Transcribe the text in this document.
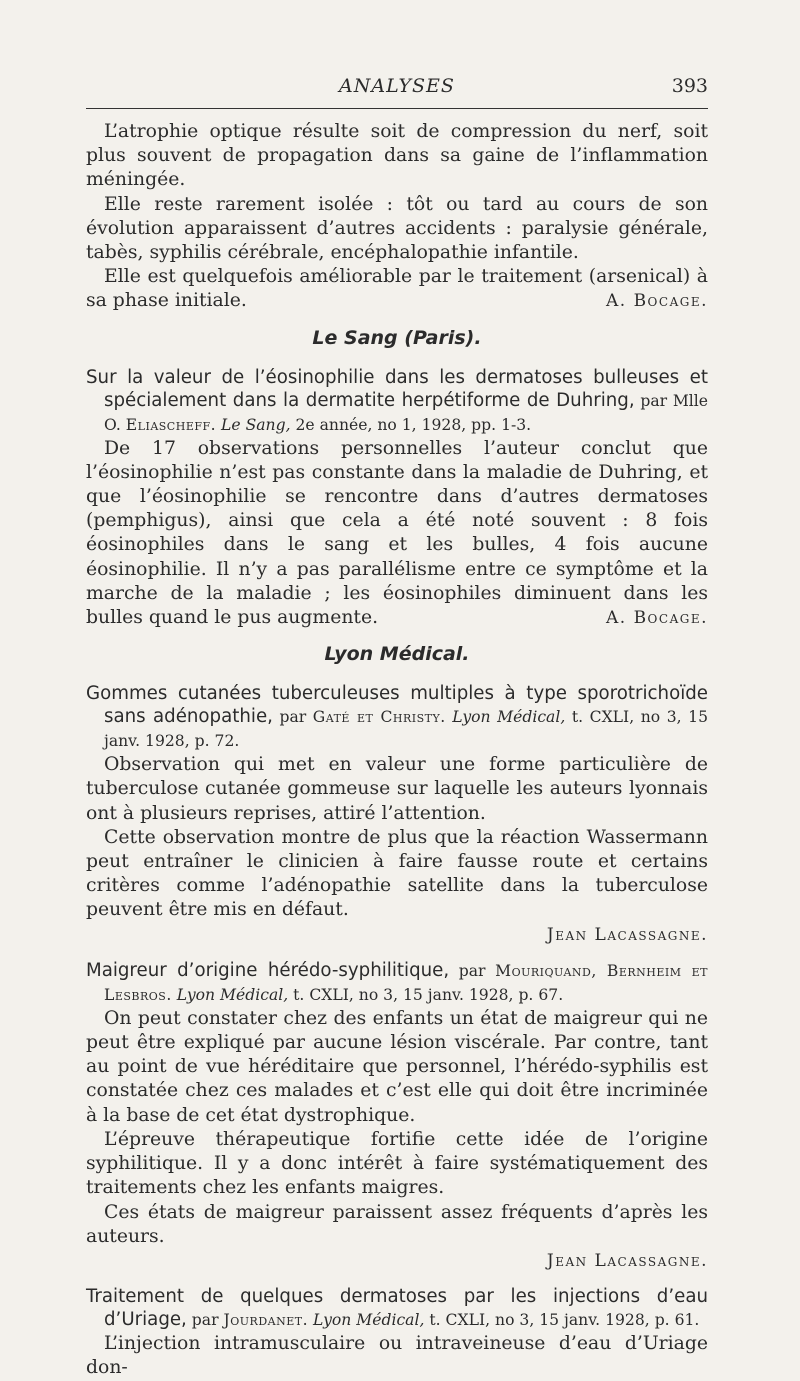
ANALYSES	393

L’atrophie optique résulte soit de compression du nerf, soit plus souvent de propagation dans sa gaine de l’inflammation méningée.

Elle reste rarement isolée : tôt ou tard au cours de son évolution apparaissent d’autres accidents : paralysie générale, tabès, syphilis cérébrale, encéphalopathie infantile.

Elle est quelquefois améliorable par le traitement (arsenical) à sa phase initiale.	A. Bocage.

Le Sang (Paris).

Sur la valeur de l’éosinophilie dans les dermatoses bulleuses et spécialement dans la dermatite herpétiforme de Duhring, par Mlle O. Eliascheff. Le Sang, 2e année, no 1, 1928, pp. 1-3.

De 17 observations personnelles l’auteur conclut que l’éosinophilie n’est pas constante dans la maladie de Duhring, et que l’éosinophilie se rencontre dans d’autres dermatoses (pemphigus), ainsi que cela a été noté souvent : 8 fois éosinophiles dans le sang et les bulles, 4 fois aucune éosinophilie. Il n’y a pas parallélisme entre ce symptôme et la marche de la maladie ; les éosinophiles diminuent dans les bulles quand le pus augmente.	A. Bocage.

Lyon Médical.

Gommes cutanées tuberculeuses multiples à type sporotrichoïde sans adénopathie, par Gaté et Christy. Lyon Médical, t. CXLI, no 3, 15 janv. 1928, p. 72.

Observation qui met en valeur une forme particulière de tuberculose cutanée gommeuse sur laquelle les auteurs lyonnais ont à plusieurs reprises, attiré l’attention.

Cette observation montre de plus que la réaction Wassermann peut entraîner le clinicien à faire fausse route et certains critères comme l’adénopathie satellite dans la tuberculose peuvent être mis en défaut.

Jean Lacassagne.

Maigreur d’origine hérédo-syphilitique, par Mouriquand, Bernheim et Lesbros. Lyon Médical, t. CXLI, no 3, 15 janv. 1928, p. 67.

On peut constater chez des enfants un état de maigreur qui ne peut être expliqué par aucune lésion viscérale. Par contre, tant au point de vue héréditaire que personnel, l’hérédo-syphilis est constatée chez ces malades et c’est elle qui doit être incriminée à la base de cet état dystrophique.

L’épreuve thérapeutique fortifie cette idée de l’origine syphilitique. Il y a donc intérêt à faire systématiquement des traitements chez les enfants maigres.

Ces états de maigreur paraissent assez fréquents d’après les auteurs.

Jean Lacassagne.

Traitement de quelques dermatoses par les injections d’eau d’Uriage, par Jourdanet. Lyon Médical, t. CXLI, no 3, 15 janv. 1928, p. 61.

L’injection intramusculaire ou intraveineuse d’eau d’Uriage don-
